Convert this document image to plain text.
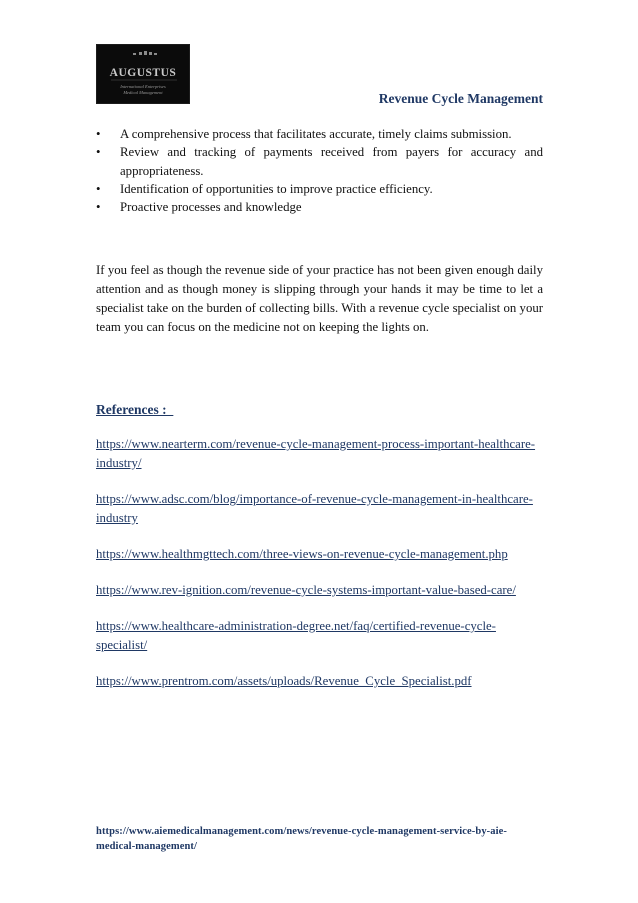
AUGUSTUS
International Enterprises
Medical Management	Revenue Cycle Management
• A comprehensive process that facilitates accurate, timely claims submission.
• Review and tracking of payments received from payers for accuracy and appropriateness.
• Identification of opportunities to improve practice efficiency.
• Proactive processes and knowledge

If you feel as though the revenue side of your practice has not been given enough daily attention and as though money is slipping through your hands it may be time to let a specialist take on the burden of collecting bills. With a revenue cycle specialist on your team you can focus on the medicine not on keeping the lights on.

References :
https://www.nearterm.com/revenue-cycle-management-process-important-healthcare-industry/
https://www.adsc.com/blog/importance-of-revenue-cycle-management-in-healthcare-industry
https://www.healthmgttech.com/three-views-on-revenue-cycle-management.php
https://www.rev-ignition.com/revenue-cycle-systems-important-value-based-care/
https://www.healthcare-administration-degree.net/faq/certified-revenue-cycle-specialist/
https://www.prentrom.com/assets/uploads/Revenue_Cycle_Specialist.pdf
https://www.aiemedicalmanagement.com/news/revenue-cycle-management-service-by-aie-medical-management/
